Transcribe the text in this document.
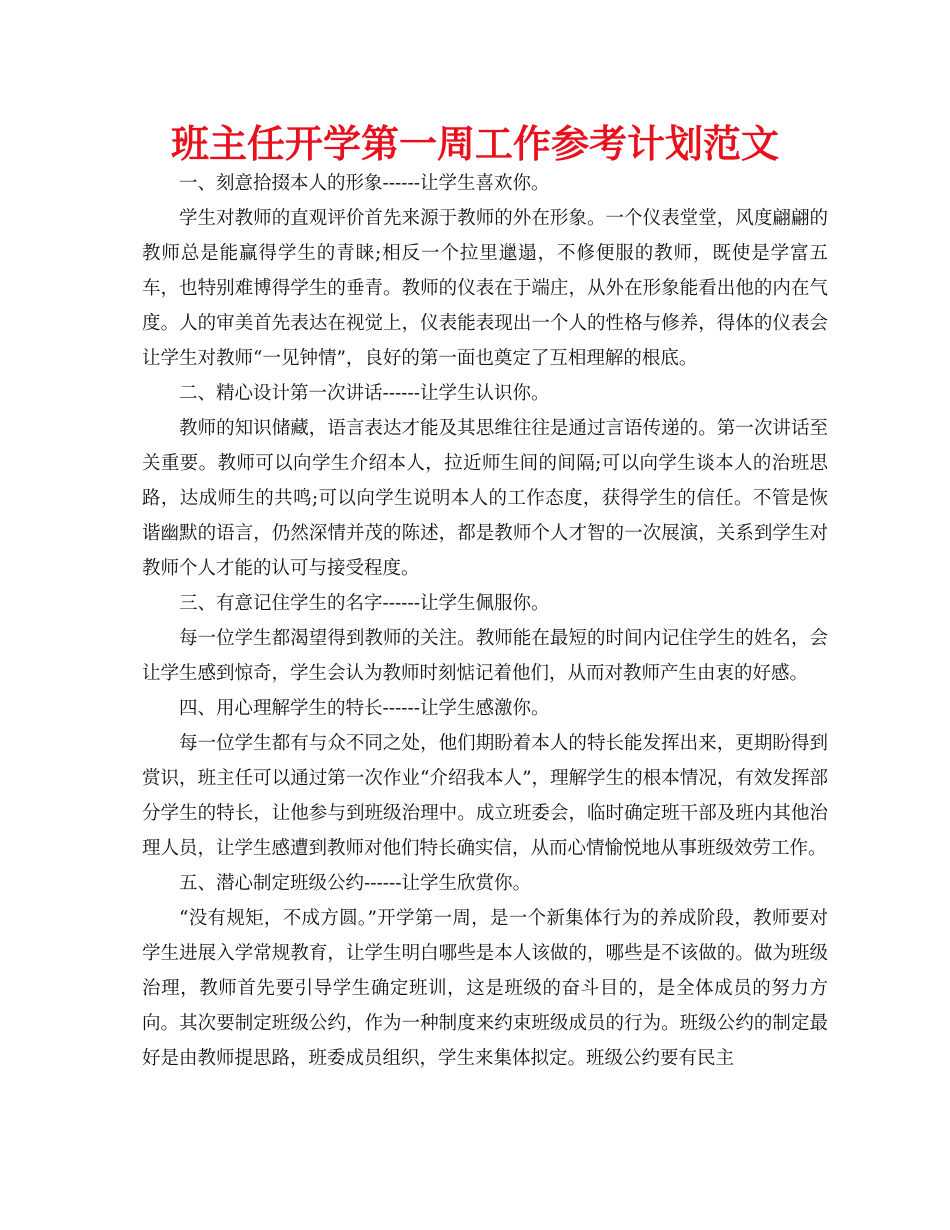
班主任开学第一周工作参考计划范文

一、刻意拾掇本人的形象------让学生喜欢你。

学生对教师的直观评价首先来源于教师的外在形象。一个仪表堂堂，风度翩翩的教师总是能赢得学生的青睐;相反一个拉里邋遢，不修便服的教师，既使是学富五车，也特别难博得学生的垂青。教师的仪表在于端庄，从外在形象能看出他的内在气度。人的审美首先表达在视觉上，仪表能表现出一个人的性格与修养，得体的仪表会让学生对教师“一见钟情”，良好的第一面也奠定了互相理解的根底。

二、精心设计第一次讲话------让学生认识你。

教师的知识储藏，语言表达才能及其思维往往是通过言语传递的。第一次讲话至关重要。教师可以向学生介绍本人，拉近师生间的间隔;可以向学生谈本人的治班思路，达成师生的共鸣;可以向学生说明本人的工作态度，获得学生的信任。不管是恢谐幽默的语言，仍然深情并茂的陈述，都是教师个人才智的一次展演，关系到学生对教师个人才能的认可与接受程度。

三、有意记住学生的名字------让学生佩服你。

每一位学生都渴望得到教师的关注。教师能在最短的时间内记住学生的姓名，会让学生感到惊奇，学生会认为教师时刻惦记着他们，从而对教师产生由衷的好感。

四、用心理解学生的特长------让学生感激你。

每一位学生都有与众不同之处，他们期盼着本人的特长能发挥出来，更期盼得到赏识，班主任可以通过第一次作业“介绍我本人”，理解学生的根本情况，有效发挥部分学生的特长，让他参与到班级治理中。成立班委会，临时确定班干部及班内其他治理人员，让学生感遭到教师对他们特长确实信，从而心情愉悦地从事班级效劳工作。

五、潜心制定班级公约------让学生欣赏你。

“没有规矩，不成方圆。”开学第一周，是一个新集体行为的养成阶段，教师要对学生进展入学常规教育，让学生明白哪些是本人该做的，哪些是不该做的。做为班级治理，教师首先要引导学生确定班训，这是班级的奋斗目的，是全体成员的努力方向。其次要制定班级公约，作为一种制度来约束班级成员的行为。班级公约的制定最好是由教师提思路，班委成员组织，学生来集体拟定。班级公约要有民主
